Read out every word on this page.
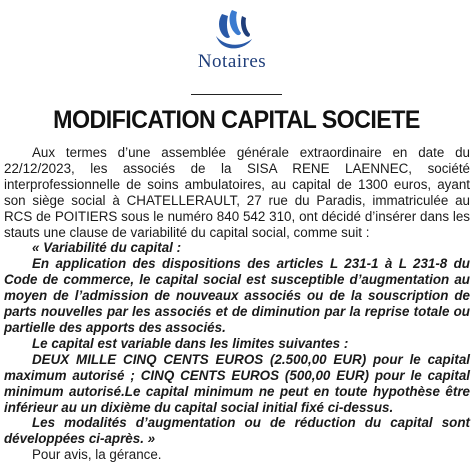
Notaires
MODIFICATION CAPITAL SOCIETE

Aux termes d’une assemblée générale extraordinaire en date du 22/12/2023, les associés de la SISA RENE LAENNEC, société interprofessionnelle de soins ambulatoires, au capital de 1300 euros, ayant son siège social à CHATELLERAULT, 27 rue du Paradis, immatriculée au RCS de POITIERS sous le numéro 840 542 310, ont décidé d’insérer dans les stauts une clause de variabilité du capital social, comme suit :

« Variabilité du capital :

En application des dispositions des articles L 231-1 à L 231-8 du Code de commerce, le capital social est susceptible d’augmentation au moyen de l’admission de nouveaux associés ou de la souscription de parts nouvelles par les associés et de diminution par la reprise totale ou partielle des apports des associés.

Le capital est variable dans les limites suivantes :

DEUX MILLE CINQ CENTS EUROS (2.500,00 EUR) pour le capital maximum autorisé ; CINQ CENTS EUROS (500,00 EUR) pour le capital minimum autorisé.Le capital minimum ne peut en toute hypothèse être inférieur au un dixième du capital social initial fixé ci-dessus.

Les modalités d’augmentation ou de réduction du capital sont développées ci-après. »

Pour avis, la gérance.
